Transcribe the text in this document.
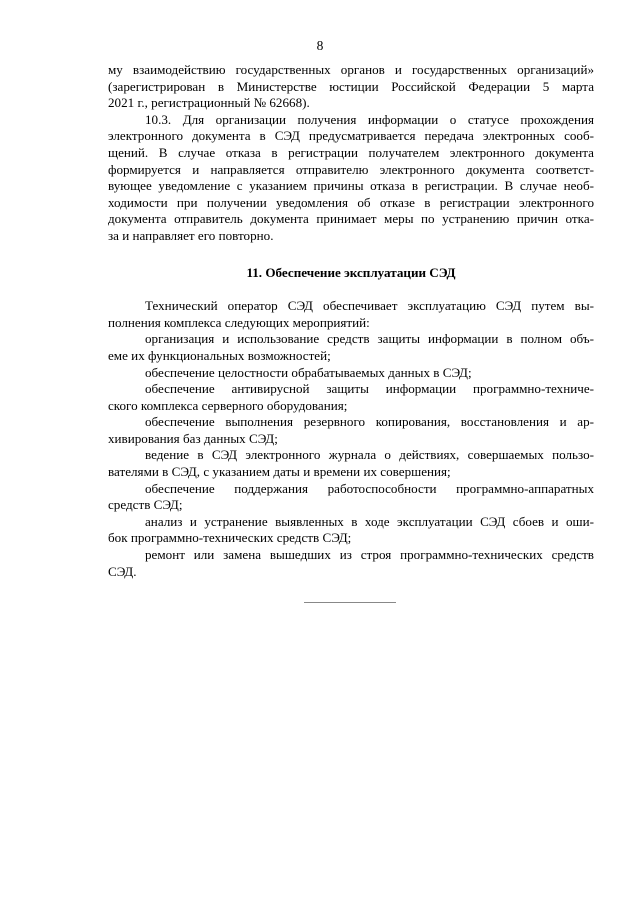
8
му взаимодействию государственных органов и государственных организаций»
(зарегистрирован в Министерстве юстиции Российской Федерации 5 марта
2021 г., регистрационный № 62668).
10.3. Для организации получения информации о статусе прохождения
электронного документа в СЭД предусматривается передача электронных сооб-
щений. В случае отказа в регистрации получателем электронного документа
формируется и направляется отправителю электронного документа соответст-
вующее уведомление с указанием причины отказа в регистрации. В случае необ-
ходимости при получении уведомления об отказе в регистрации электронного
документа отправитель документа принимает меры по устранению причин отка-
за и направляет его повторно.
11. Обеспечение эксплуатации СЭД
Технический оператор СЭД обеспечивает эксплуатацию СЭД путем вы-
полнения комплекса следующих мероприятий:
организация и использование средств защиты информации в полном объ-
еме их функциональных возможностей;
обеспечение целостности обрабатываемых данных в СЭД;
обеспечение антивирусной защиты информации программно-техниче-
ского комплекса серверного оборудования;
обеспечение выполнения резервного копирования, восстановления и ар-
хивирования баз данных СЭД;
ведение в СЭД электронного журнала о действиях, совершаемых пользо-
вателями в СЭД, с указанием даты и времени их совершения;
обеспечение поддержания работоспособности программно-аппаратных
средств СЭД;
анализ и устранение выявленных в ходе эксплуатации СЭД сбоев и оши-
бок программно-технических средств СЭД;
ремонт или замена вышедших из строя программно-технических средств
СЭД.
